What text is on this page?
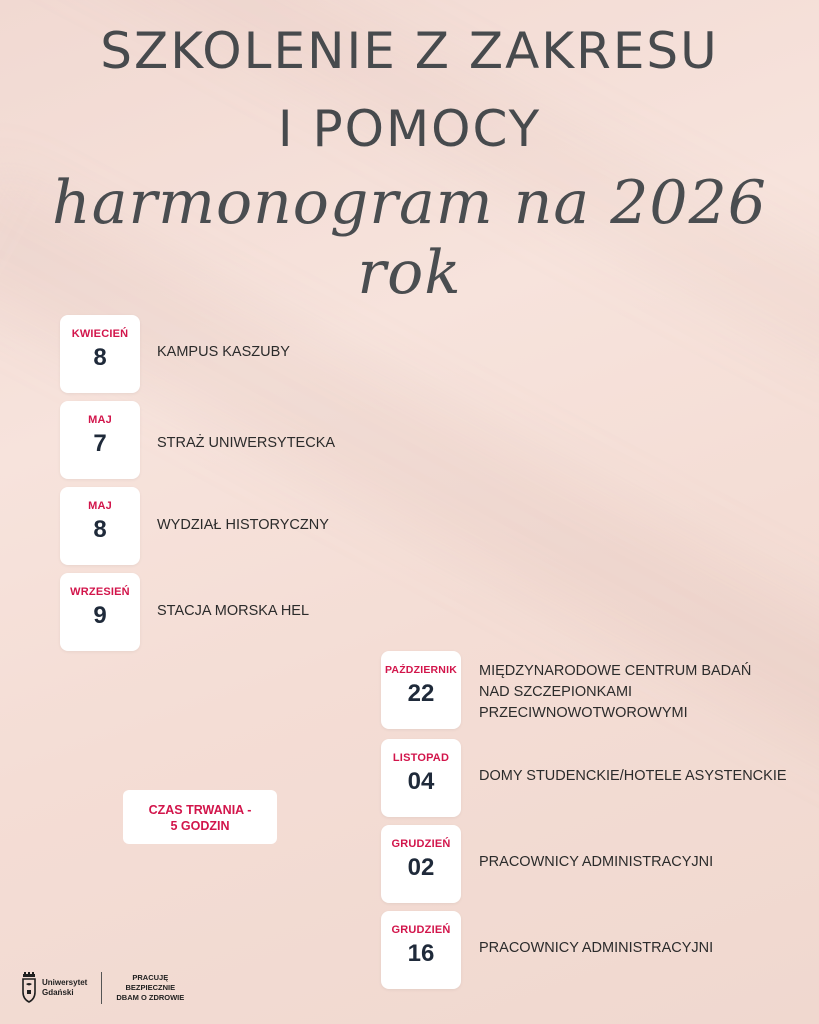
SZKOLENIE Z ZAKRESU
I POMOCY
harmonogram na 2026 rok
KWIECIEŃ
8	KAMPUS KASZUBY
MAJ
7	STRAŻ UNIWERSYTECKA
MAJ
8	WYDZIAŁ HISTORYCZNY
WRZESIEŃ
9	STACJA MORSKA HEL
PAŹDZIERNIK
22
MIĘDZYNARODOWE CENTRUM BADAŃ
NAD SZCZEPIONKAMI
PRZECIWNOWOTWOROWYMI
LISTOPAD
04	DOMY STUDENCKIE/HOTELE ASYSTENCKIE
GRUDZIEŃ
02	PRACOWNICY ADMINISTRACYJNI
GRUDZIEŃ
16	PRACOWNICY ADMINISTRACYJNI
CZAS TRWANIA -
5 GODZIN
Uniwersytet
Gdański
PRACUJĘ
BEZPIECZNIE
DBAM O ZDROWIE
